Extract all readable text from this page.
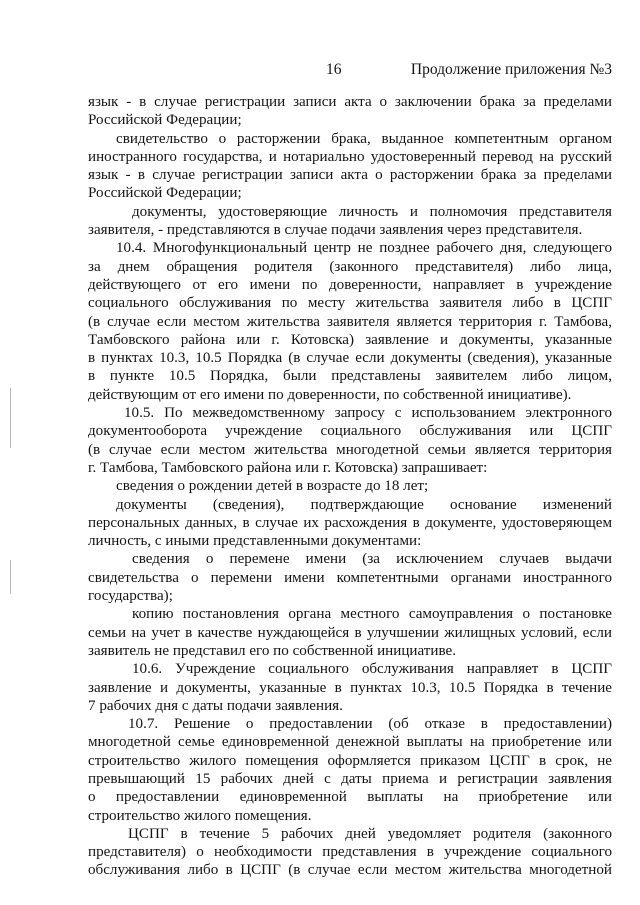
16	Продолжение приложения №3
язык - в случае регистрации записи акта о заключении брака за пределами
Российской Федерации;
свидетельство о расторжении брака, выданное компетентным органом
иностранного государства, и нотариально удостоверенный перевод на русский
язык - в случае регистрации записи акта о расторжении брака за пределами
Российской Федерации;
документы, удостоверяющие личность и полномочия представителя
заявителя, - представляются в случае подачи заявления через представителя.
10.4. Многофункциональный центр не позднее рабочего дня, следующего
за днем обращения родителя (законного представителя) либо лица,
действующего от его имени по доверенности, направляет в учреждение
социального обслуживания по месту жительства заявителя либо в ЦСПГ
(в случае если местом жительства заявителя является территория г. Тамбова,
Тамбовского района или г. Котовска) заявление и документы, указанные
в пунктах 10.3, 10.5 Порядка (в случае если документы (сведения), указанные
в пункте 10.5 Порядка, были представлены заявителем либо лицом,
действующим от его имени по доверенности, по собственной инициативе).
10.5. По межведомственному запросу с использованием электронного
документооборота учреждение социального обслуживания или ЦСПГ
(в случае если местом жительства многодетной семьи является территория
г. Тамбова, Тамбовского района или г. Котовска) запрашивает:
сведения о рождении детей в возрасте до 18 лет;
документы (сведения), подтверждающие основание изменений
персональных данных, в случае их расхождения в документе, удостоверяющем
личность, с иными представленными документами:
сведения о перемене имени (за исключением случаев выдачи
свидетельства о перемени имени компетентными органами иностранного
государства);
копию постановления органа местного самоуправления о постановке
семьи на учет в качестве нуждающейся в улучшении жилищных условий, если
заявитель не представил его по собственной инициативе.
10.6. Учреждение социального обслуживания направляет в ЦСПГ
заявление и документы, указанные в пунктах 10.3, 10.5 Порядка в течение
7 рабочих дня с даты подачи заявления.
10.7. Решение о предоставлении (об отказе в предоставлении)
многодетной семье единовременной денежной выплаты на приобретение или
строительство жилого помещения оформляется приказом ЦСПГ в срок, не
превышающий 15 рабочих дней с даты приема и регистрации заявления
о предоставлении единовременной выплаты на приобретение или
строительство жилого помещения.
ЦСПГ в течение 5 рабочих дней уведомляет родителя (законного
представителя) о необходимости представления в учреждение социального
обслуживания либо в ЦСПГ (в случае если местом жительства многодетной
